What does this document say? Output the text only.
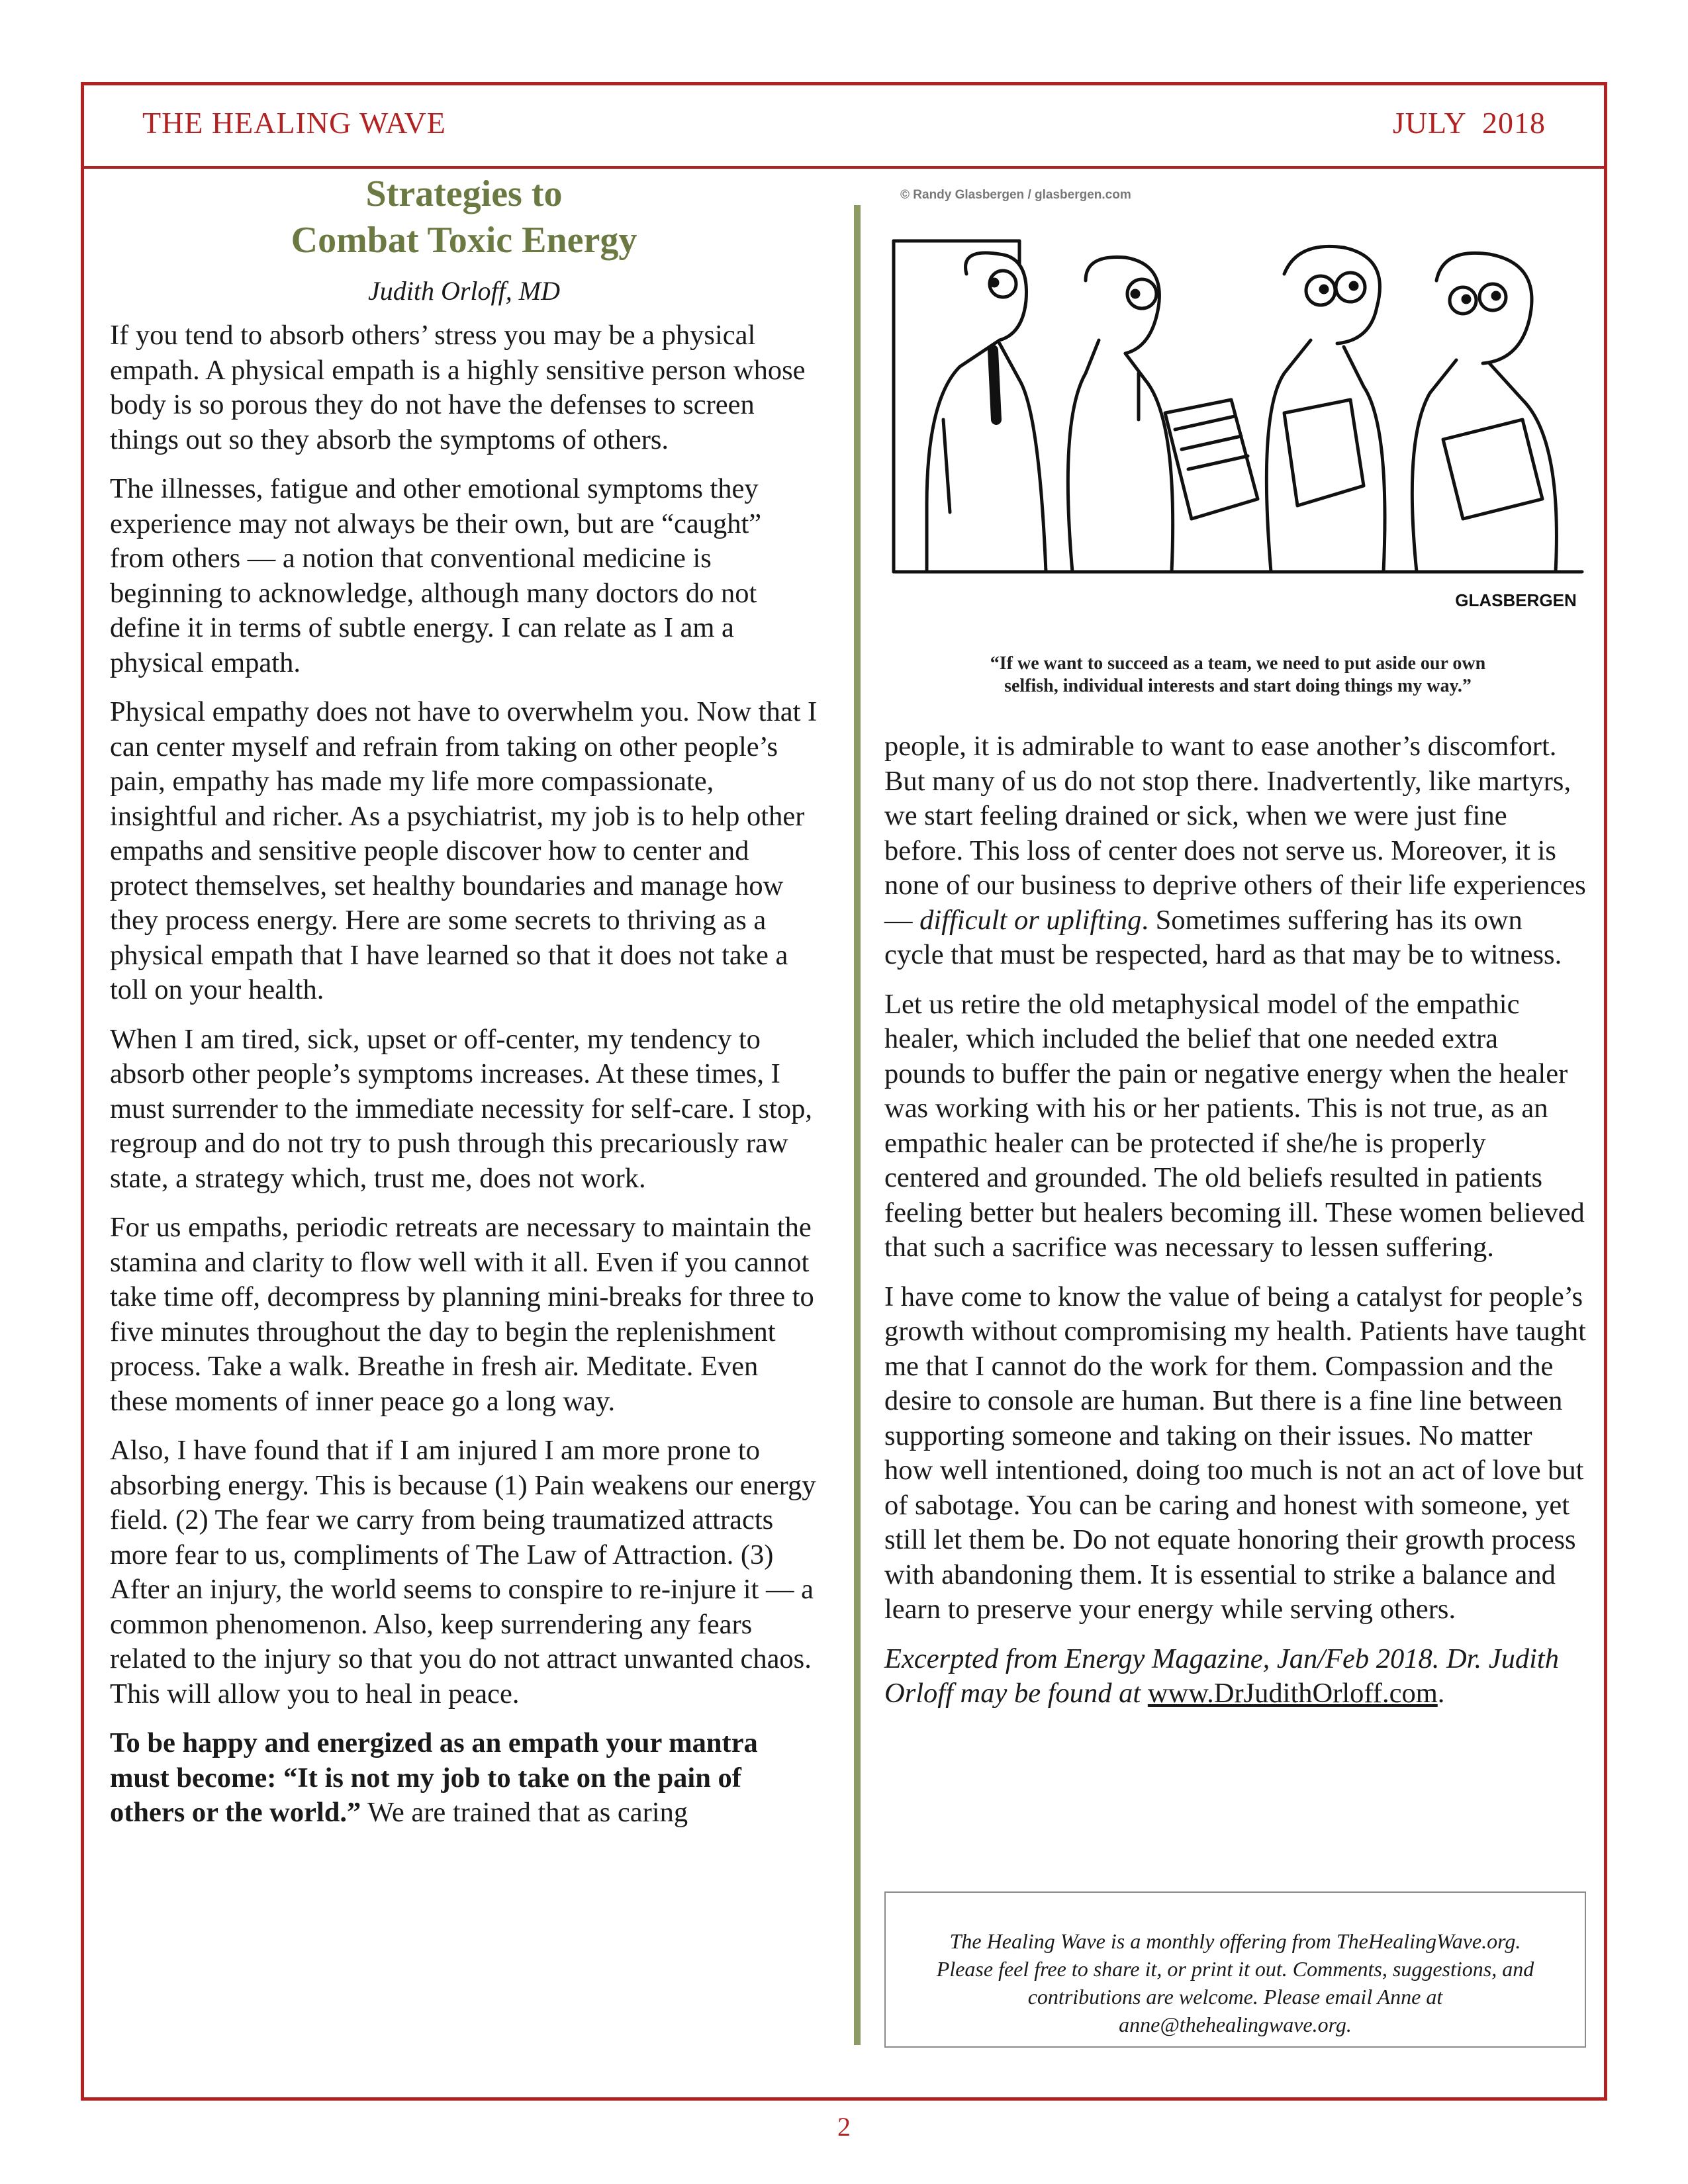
THE HEALING WAVE	JULY  2018
Strategies to
Combat Toxic Energy
Judith Orloff, MD

If you tend to absorb others’ stress you may be a physical empath. A physical empath is a highly sensitive person whose body is so porous they do not have the defenses to screen things out so they absorb the symptoms of others.

The illnesses, fatigue and other emotional symptoms they experience may not always be their own, but are “caught” from others — a notion that conventional medicine is beginning to acknowledge, although many doctors do not define it in terms of subtle energy. I can relate as I am a physical empath.

Physical empathy does not have to overwhelm you. Now that I can center myself and refrain from taking on other people’s pain, empathy has made my life more compassionate, insightful and richer. As a psychiatrist, my job is to help other empaths and sensitive people discover how to center and protect themselves, set healthy boundaries and manage how they process energy. Here are some secrets to thriving as a physical empath that I have learned so that it does not take a toll on your health.

When I am tired, sick, upset or off-center, my tendency to absorb other people’s symptoms increases. At these times, I must surrender to the immediate necessity for self-care. I stop, regroup and do not try to push through this precariously raw state, a strategy which, trust me, does not work.

For us empaths, periodic retreats are necessary to maintain the stamina and clarity to flow well with it all. Even if you cannot take time off, decompress by planning mini-breaks for three to five minutes throughout the day to begin the replenishment process. Take a walk. Breathe in fresh air. Meditate. Even these moments of inner peace go a long way.

Also, I have found that if I am injured I am more prone to absorbing energy. This is because (1) Pain weakens our energy field. (2) The fear we carry from being traumatized attracts more fear to us, compliments of The Law of Attraction. (3) After an injury, the world seems to conspire to re-injure it — a common phenomenon. Also, keep surrendering any fears related to the injury so that you do not attract unwanted chaos. This will allow you to heal in peace.

To be happy and energized as an empath your mantra must become: “It is not my job to take on the pain of others or the world.” We are trained that as caring

© Randy Glasbergen / glasbergen.com
GLASBERGEN
“If we want to succeed as a team, we need to put aside our own
selfish, individual interests and start doing things my way.”

people, it is admirable to want to ease another’s discomfort. But many of us do not stop there. Inadvertently, like martyrs, we start feeling drained or sick, when we were just fine before. This loss of center does not serve us. Moreover, it is none of our business to deprive others of their life experiences — difficult or uplifting. Sometimes suffering has its own cycle that must be respected, hard as that may be to witness.

Let us retire the old metaphysical model of the empathic healer, which included the belief that one needed extra pounds to buffer the pain or negative energy when the healer was working with his or her patients. This is not true, as an empathic healer can be protected if she/he is properly centered and grounded. The old beliefs resulted in patients feeling better but healers becoming ill. These women believed that such a sacrifice was necessary to lessen suffering.

I have come to know the value of being a catalyst for people’s growth without compromising my health. Patients have taught me that I cannot do the work for them. Compassion and the desire to console are human. But there is a fine line between supporting someone and taking on their issues. No matter how well intentioned, doing too much is not an act of love but of sabotage. You can be caring and honest with someone, yet still let them be. Do not equate honoring their growth process with abandoning them. It is essential to strike a balance and learn to preserve your energy while serving others.

Excerpted from Energy Magazine, Jan/Feb 2018. Dr. Judith Orloff may be found at www.DrJudithOrloff.com.

The Healing Wave is a monthly offering from TheHealingWave.org.
Please feel free to share it, or print it out. Comments, suggestions, and
contributions are welcome. Please email Anne at
anne@thehealingwave.org.
2
